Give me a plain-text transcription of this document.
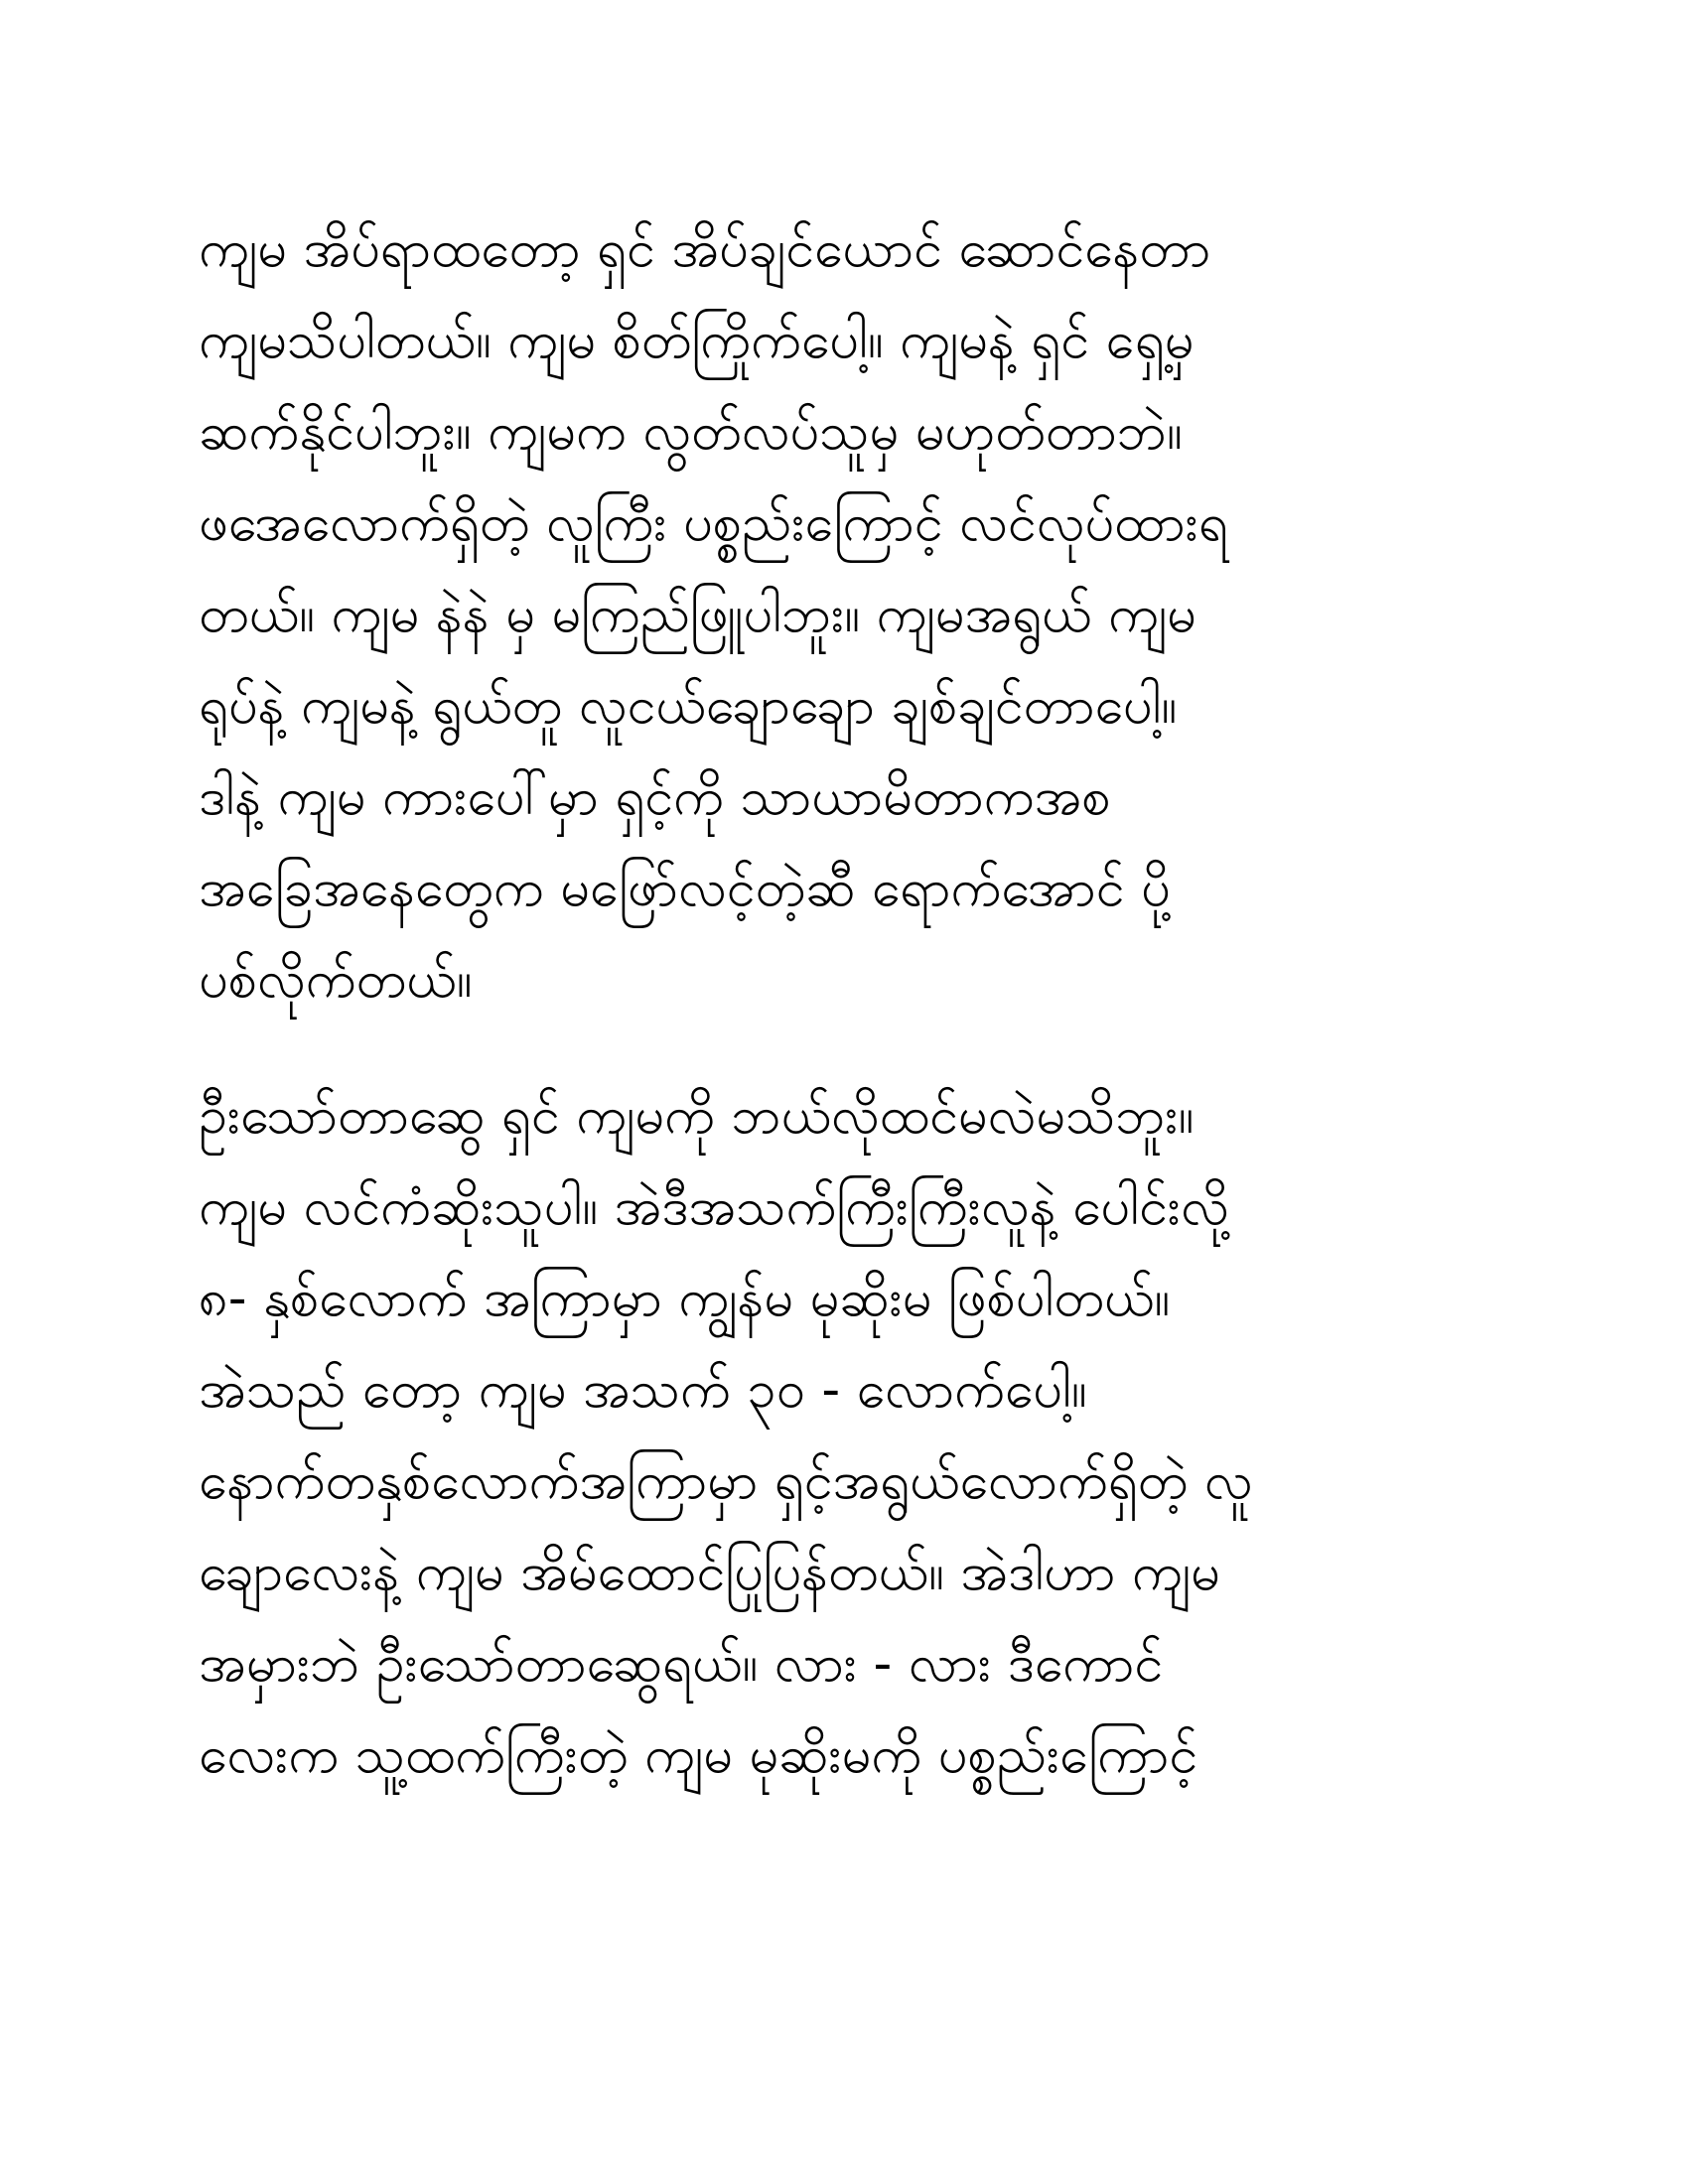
ကျမ အိပ်ရာထတော့ ရှင် အိပ်ချင်ယောင် ဆောင်နေတာ
ကျမသိပါတယ်။ ကျမ စိတ်ကြိုက်ပေါ့။ ကျမနဲ့ ရှင် ရှေ့မှ
ဆက်နိုင်ပါဘူး။ ကျမက လွတ်လပ်သူမှ မဟုတ်တာဘဲ။
ဖအေလောက်ရှိတဲ့ လူကြီး ပစ္စည်းကြောင့် လင်လုပ်ထားရ
တယ်။ ကျမ နဲနဲ မှ မကြည်ဖြူပါဘူး။ ကျမအရွယ် ကျမ
ရုပ်နဲ့ ကျမနဲ့ ရွယ်တူ လူငယ်ချောချော ချစ်ချင်တာပေါ့။
ဒါနဲ့ ကျမ ကားပေါ်မှာ ရှင့်ကို သာယာမိတာကအစ
အခြေအနေတွေက မဖြော်လင့်တဲ့ဆီ ရောက်အောင် ပို့
ပစ်လိုက်တယ်။
ဦးသော်တာဆွေ ရှင် ကျမကို ဘယ်လိုထင်မလဲမသိဘူး။
ကျမ လင်ကံဆိုးသူပါ။ အဲဒီအသက်ကြီးကြီးလူနဲ့ ပေါင်းလို့
၈- နှစ်လောက် အကြာမှာ ကျွန်မ မုဆိုးမ ဖြစ်ပါတယ်။
အဲသည် တော့ ကျမ အသက် ၃၀ - လောက်ပေါ့။
နောက်တနှစ်လောက်အကြာမှာ ရှင့်အရွယ်လောက်ရှိတဲ့ လူ
ချောလေးနဲ့ ကျမ အိမ်ထောင်ပြုပြန်တယ်။ အဲဒါဟာ ကျမ
အမှားဘဲ ဦးသော်တာဆွေရယ်။ လား - လား ဒီကောင်
လေးက သူ့ထက်ကြီးတဲ့ ကျမ မုဆိုးမကို ပစ္စည်းကြောင့်
